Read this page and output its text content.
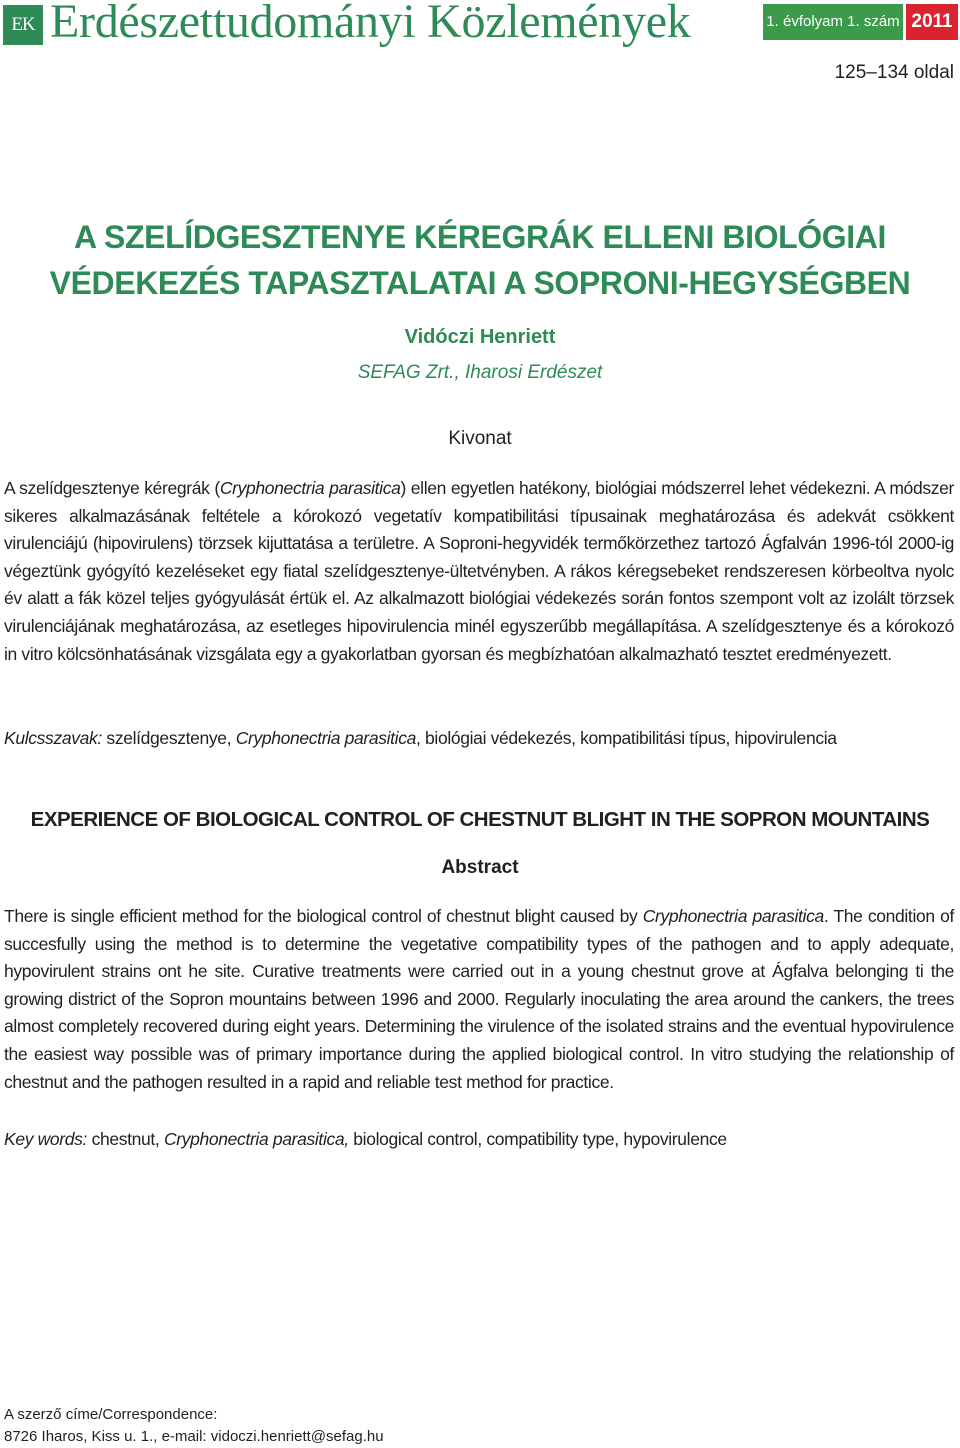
EK Erdészettudományi Közlemények	1. évfolyam 1. szám 2011
125–134 oldal
A SZELÍDGESZTENYE KÉREGRÁK ELLENI BIOLÓGIAI
VÉDEKEZÉS TAPASZTALATAI A SOPRONI-HEGYSÉGBEN
Vidóczi Henriett
SEFAG Zrt., Iharosi Erdészet
Kivonat

A szelídgesztenye kéregrák (Cryphonectria parasitica) ellen egyetlen hatékony, biológiai módszerrel lehet védekezni. A módszer sikeres alkalmazásának feltétele a kórokozó vegetatív kompatibilitási típusainak meghatározása és adekvát csökkent virulenciájú (hipovirulens) törzsek kijuttatása a területre. A Soproni-hegyvidék termőkörzethez tartozó Ágfalván 1996-tól 2000-ig végeztünk gyógyító kezeléseket egy fiatal szelídgesztenye-ültetvényben. A rákos kéregsebeket rendszeresen körbeoltva nyolc év alatt a fák közel teljes gyógyulását értük el. Az alkalmazott biológiai védekezés során fontos szempont volt az izolált törzsek virulenciájának meghatározása, az esetleges hipovirulencia minél egyszerűbb megállapítása. A szelídgesztenye és a kórokozó in vitro kölcsönhatásának vizsgálata egy a gyakorlatban gyorsan és megbízhatóan alkalmazható tesztet eredményezett.

Kulcsszavak: szelídgesztenye, Cryphonectria parasitica, biológiai védekezés, kompatibilitási típus, hipovirulencia
EXPERIENCE OF BIOLOGICAL CONTROL OF CHESTNUT BLIGHT IN THE SOPRON MOUNTAINS
Abstract

There is single efficient method for the biological control of chestnut blight caused by Cryphonectria parasitica. The condition of succesfully using the method is to determine the vegetative compatibility types of the pathogen and to apply adequate, hypovirulent strains ont he site. Curative treatments were carried out in a young chestnut grove at Ágfalva belonging ti the growing district of the Sopron mountains between 1996 and 2000. Regularly inoculating the area around the cankers, the trees almost completely recovered during eight years. Determining the virulence of the isolated strains and the eventual hypovirulence the easiest way possible was of primary importance during the applied biological control. In vitro studying the relationship of chestnut and the pathogen resulted in a rapid and reliable test method for practice.

Key words: chestnut, Cryphonectria parasitica, biological control, compatibility type, hypovirulence
A szerző címe/Correspondence:
8726 Iharos, Kiss u. 1., e-mail: vidoczi.henriett@sefag.hu
